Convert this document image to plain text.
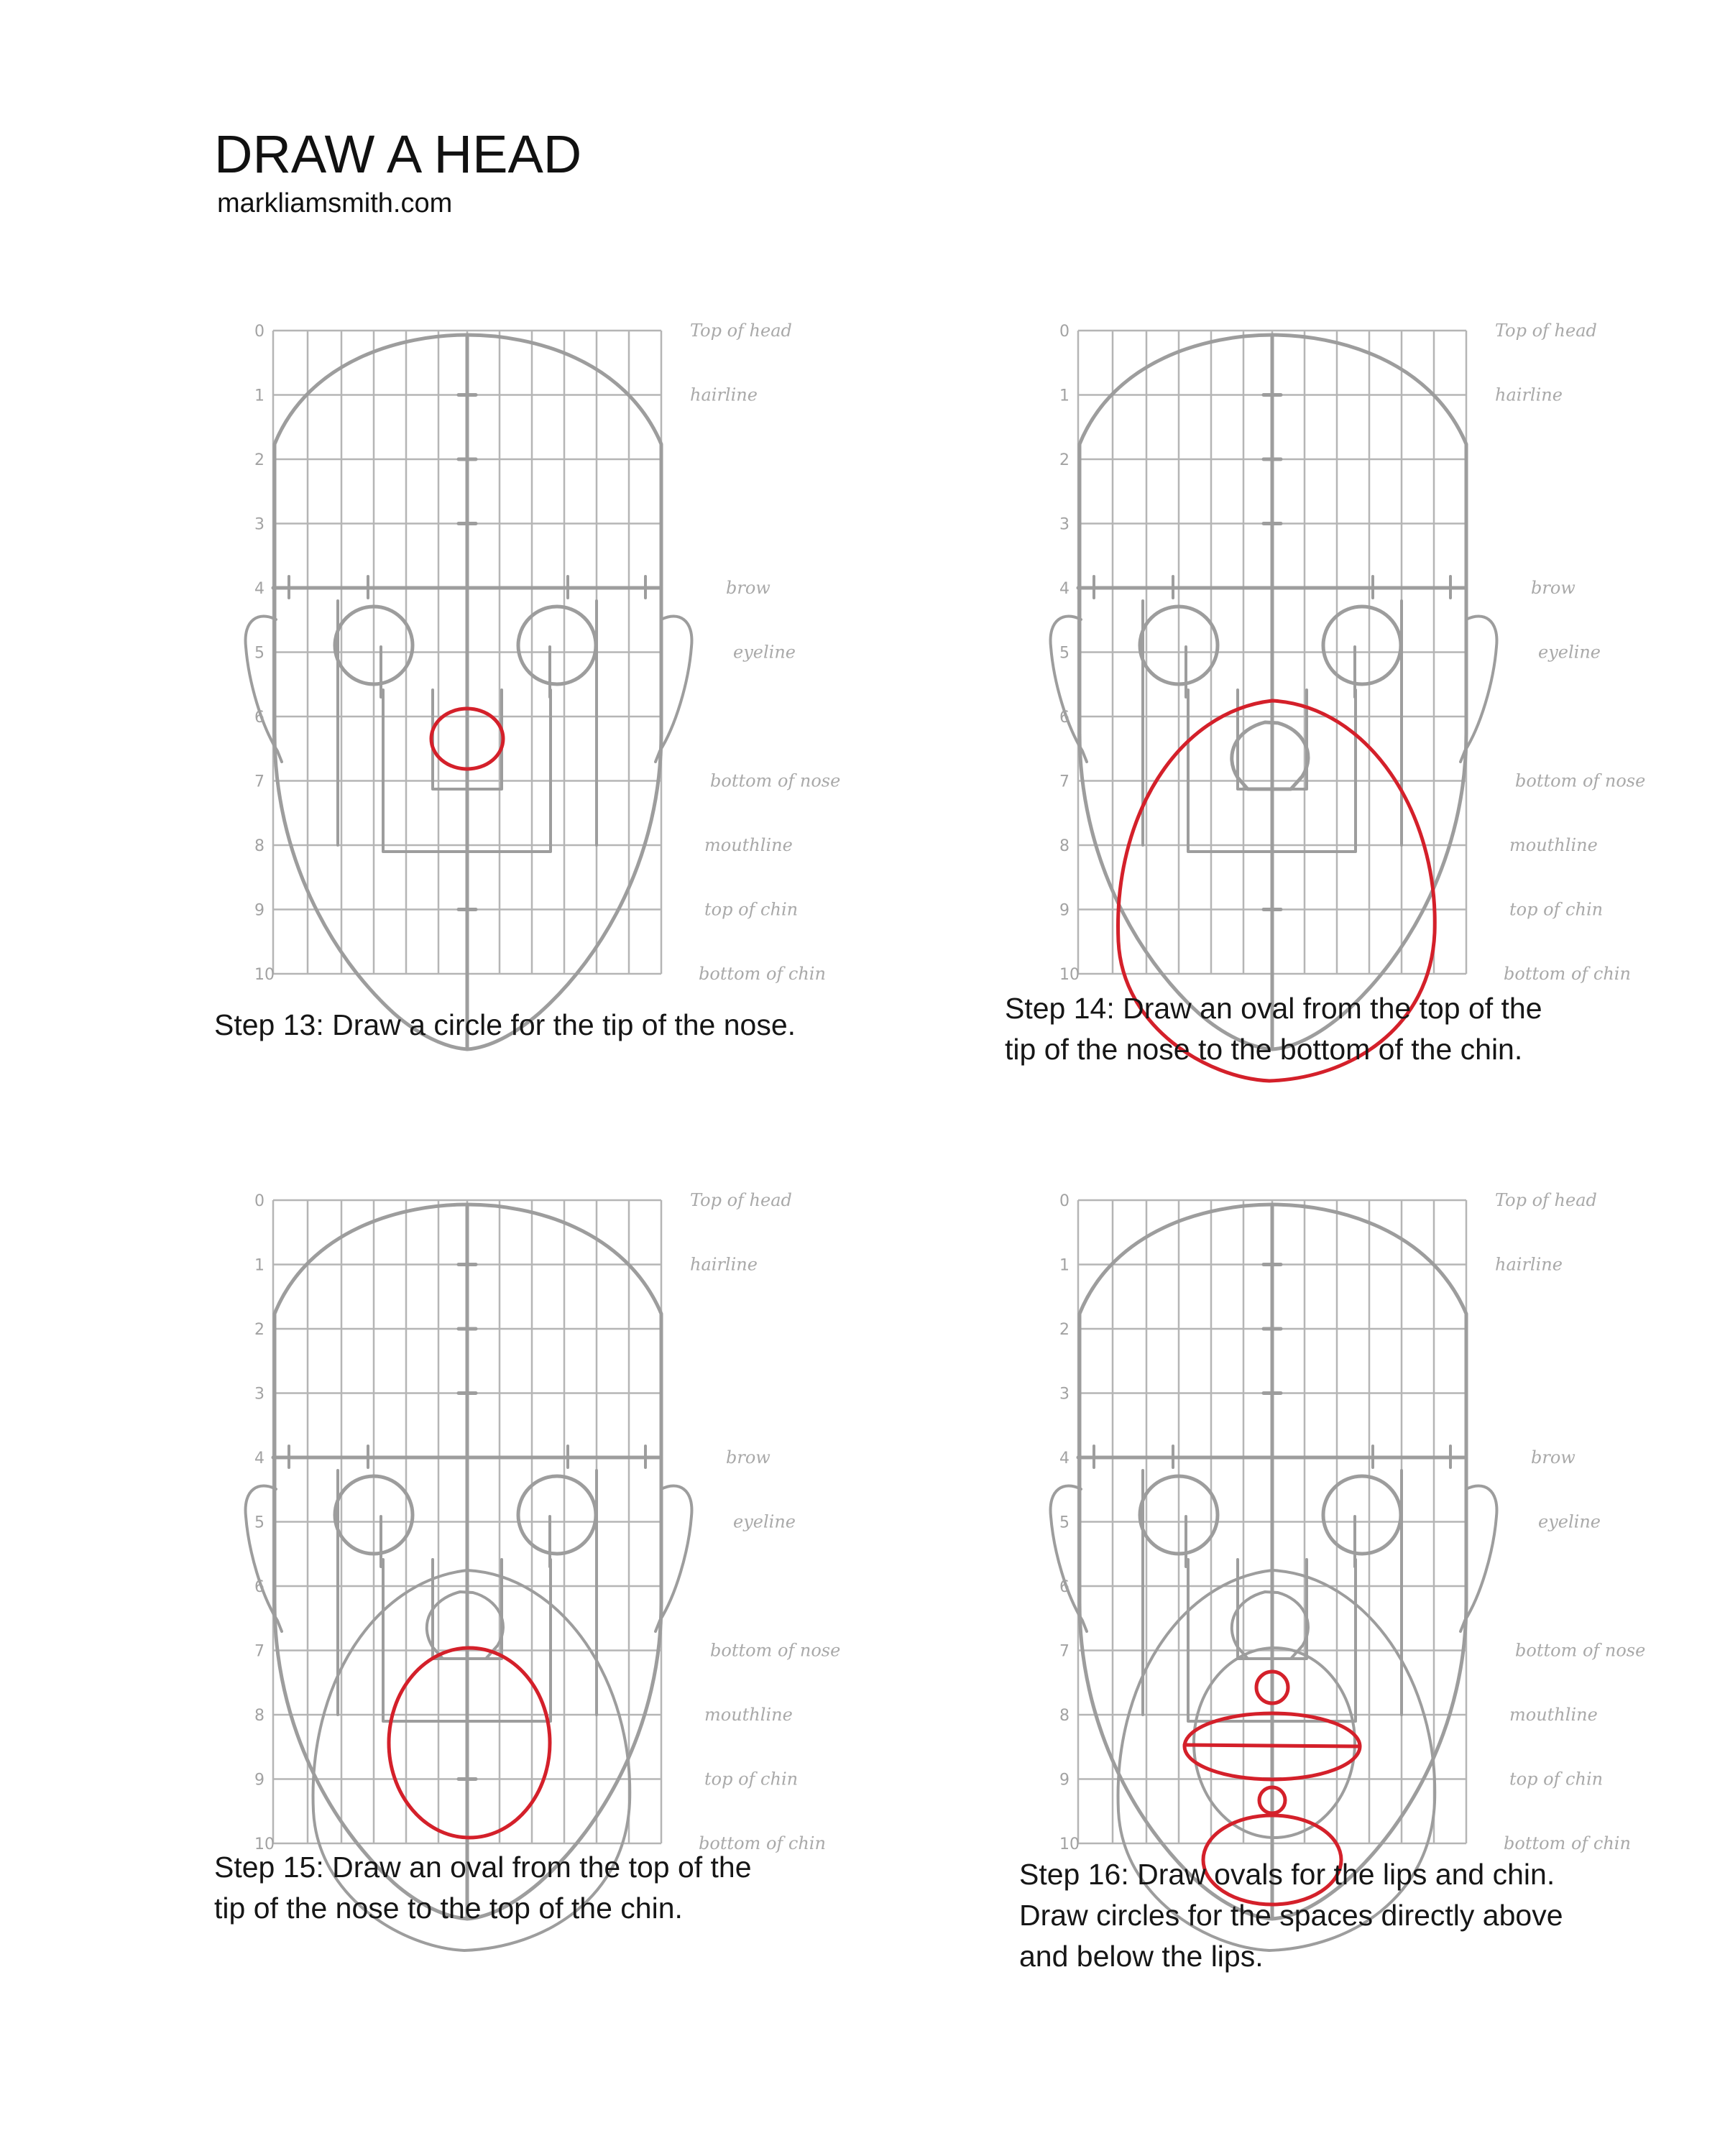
DRAW A HEAD
markliamsmith.com
0
1
2
3
4
5
6
7
8
9
10
Top of head
hairline
brow
eyeline
bottom of nose
mouthline
top of chin
bottom of chin
Step 13: Draw a circle for the tip of the nose.
0
1
2
3
4
5
6
7
8
9
10
Top of head
hairline
brow
eyeline
bottom of nose
mouthline
top of chin
bottom of chin
Step 14: Draw an oval from the top of the
tip of the nose to the bottom of the chin.
0
1
2
3
4
5
6
7
8
9
10
Top of head
hairline
brow
eyeline
bottom of nose
mouthline
top of chin
bottom of chin
Step 15: Draw an oval from the top of the
tip of the nose to the top of the chin.
0
1
2
3
4
5
6
7
8
9
10
Top of head
hairline
brow
eyeline
bottom of nose
mouthline
top of chin
bottom of chin
Step 16: Draw ovals for the lips and chin.
Draw circles for the spaces directly above
and below the lips.
